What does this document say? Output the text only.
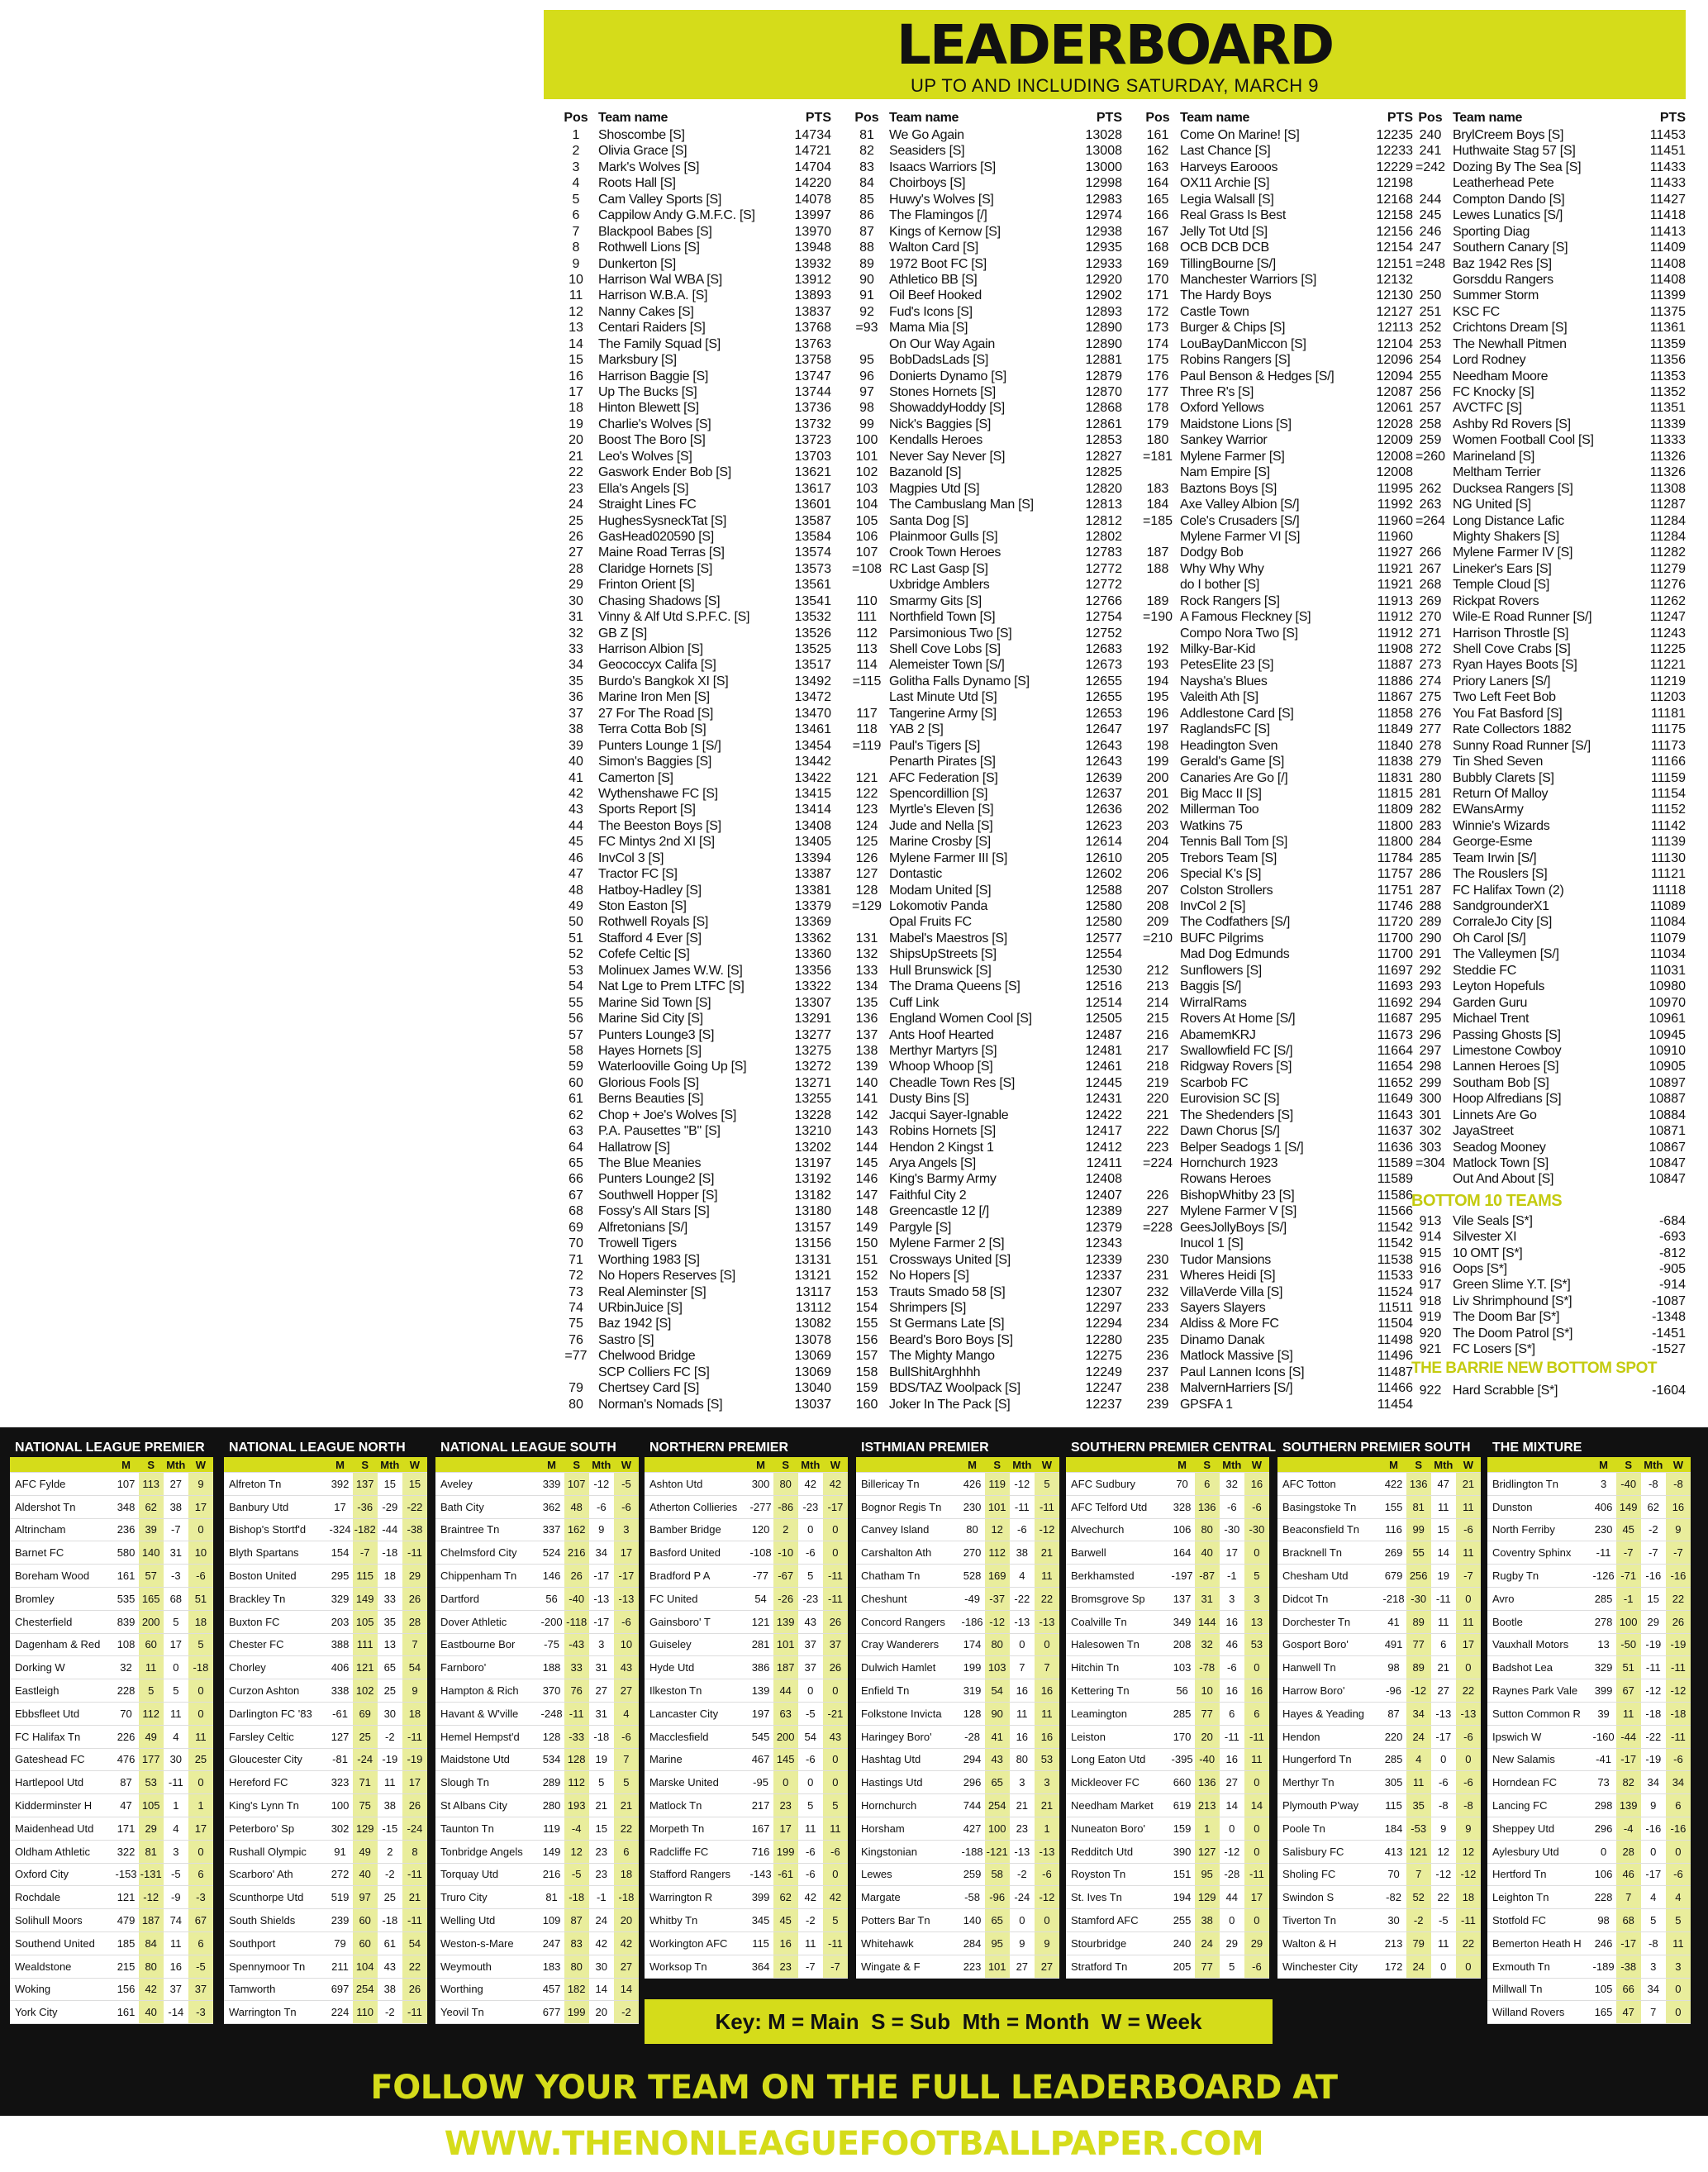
LEADERBOARD
UP TO AND INCLUDING SATURDAY, MARCH 9
Pos Team name	PTS
1	Shoscombe [S]	14734
2	Olivia Grace [S]	14721
3	Mark's Wolves [S]	14704
4	Roots Hall [S]	14220
5	Cam Valley Sports [S]	14078
6	Cappilow Andy G.M.F.C. [S]	13997
7	Blackpool Babes [S]	13970
8	Rothwell Lions [S]	13948
9	Dunkerton [S]	13932
10	Harrison Wal WBA [S]	13912
11	Harrison W.B.A. [S]	13893
12	Nanny Cakes [S]	13837
13	Centari Raiders [S]	13768
14	The Family Squad [S]	13763
15	Marksbury [S]	13758
16	Harrison Baggie [S]	13747
17	Up The Bucks [S]	13744
18	Hinton Blewett [S]	13736
19	Charlie's Wolves [S]	13732
20	Boost The Boro [S]	13723
21	Leo's Wolves [S]	13703
22	Gaswork Ender Bob [S]	13621
23	Ella's Angels [S]	13617
24	Straight Lines FC	13601
25	HughesSysneckTat [S]	13587
26	GasHead020590 [S]	13584
27	Maine Road Terras [S]	13574
28	Claridge Hornets [S]	13573
29	Frinton Orient [S]	13561
30	Chasing Shadows [S]	13541
31	Vinny & Alf Utd S.P.F.C. [S]	13532
32	GB Z [S]	13526
33	Harrison Albion [S]	13525
34	Geococcyx Califa [S]	13517
35	Burdo's Bangkok XI [S]	13492
36	Marine Iron Men [S]	13472
37	27 For The Road [S]	13470
38	Terra Cotta Bob [S]	13461
39	Punters Lounge 1 [S/]	13454
40	Simon's Baggies [S]	13442
41	Camerton [S]	13422
42	Wythenshawe FC [S]	13415
43	Sports Report [S]	13414
44	The Beeston Boys [S]	13408
45	FC Mintys 2nd XI [S]	13405
46	InvCol 3 [S]	13394
47	Tractor FC [S]	13387
48	Hatboy-Hadley [S]	13381
49	Ston Easton [S]	13379
50	Rothwell Royals [S]	13369
51	Stafford 4 Ever [S]	13362
52	Cofefe Celtic [S]	13360
53	Molinuex James W.W. [S]	13356
54	Nat Lge to Prem LTFC [S]	13322
55	Marine Sid Town [S]	13307
56	Marine Sid City [S]	13291
57	Punters Lounge3 [S]	13277
58	Hayes Hornets [S]	13275
59	Waterlooville Going Up [S]	13272
60	Glorious Fools [S]	13271
61	Berns Beauties [S]	13255
62	Chop + Joe's Wolves [S]	13228
63	P.A. Pausettes "B" [S]	13210
64	Hallatrow [S]	13202
65	The Blue Meanies	13197
66	Punters Lounge2 [S]	13192
67	Southwell Hopper [S]	13182
68	Fossy's All Stars [S]	13180
69	Alfretonians [S/]	13157
70	Trowell Tigers	13156
71	Worthing 1983 [S]	13131
72	No Hopers Reserves [S]	13121
73	Real Aleminster [S]	13117
74	URbinJuice [S]	13112
75	Baz 1942 [S]	13082
76	Sastro [S]	13078
=77 Chelwood Bridge	13069
SCP Colliers FC [S]	13069
79	Chertsey Card [S]	13040
80	Norman's Nomads [S]	13037
Pos Team name	PTS
81	We Go Again	13028
82	Seasiders [S]	13008
83	Isaacs Warriors [S]	13000
84	Choirboys [S]	12998
85	Huwy's Wolves [S]	12983
86	The Flamingos [/]	12974
87	Kings of Kernow [S]	12938
88	Walton Card [S]	12935
89	1972 Boot FC [S]	12933
90	Athletico BB [S]	12920
91	Oil Beef Hooked	12902
92	Fud's Icons [S]	12893
=93 Mama Mia [S]	12890
On Our Way Again	12890
95	BobDadsLads [S]	12881
96	Donierts Dynamo [S]	12879
97	Stones Hornets [S]	12870
98	ShowaddyHoddy [S]	12868
99	Nick's Baggies [S]	12861
100 Kendalls Heroes	12853
101 Never Say Never [S]	12827
102 Bazanold [S]	12825
103 Magpies Utd [S]	12820
104 The Cambuslang Man [S]	12813
105 Santa Dog [S]	12812
106 Plainmoor Gulls [S]	12802
107 Crook Town Heroes	12783
=108 RC Last Gasp [S]	12772
Uxbridge Amblers	12772
110 Smarmy Gits [S]	12766
111 Northfield Town [S]	12754
112 Parsimonious Two [S]	12752
113 Shell Cove Lobs [S]	12683
114 Alemeister Town [S/]	12673
=115 Golitha Falls Dynamo [S]	12655
Last Minute Utd [S]	12655
117 Tangerine Army [S]	12653
118 YAB 2 [S]	12647
=119 Paul's Tigers [S]	12643
Penarth Pirates [S]	12643
121 AFC Federation [S]	12639
122 Spencordillion [S]	12637
123 Myrtle's Eleven [S]	12636
124 Jude and Nella [S]	12623
125 Marine Crosby [S]	12614
126 Mylene Farmer III [S]	12610
127 Dontastic	12602
128 Modam United [S]	12588
=129 Lokomotiv Panda	12580
Opal Fruits FC	12580
131 Mabel's Maestros [S]	12577
132 ShipsUpStreets [S]	12554
133 Hull Brunswick [S]	12530
134 The Drama Queens [S]	12516
135 Cuff Link	12514
136 England Women Cool [S]	12505
137 Ants Hoof Hearted	12487
138 Merthyr Martyrs [S]	12481
139 Whoop Whoop [S]	12461
140 Cheadle Town Res [S]	12445
141 Dusty Bins [S]	12431
142 Jacqui Sayer-Ignable	12422
143 Robins Hornets [S]	12417
144 Hendon 2 Kingst 1	12412
145 Arya Angels [S]	12411
146 King's Barmy Army	12408
147 Faithful City 2	12407
148 Greencastle 12 [/]	12389
149 Pargyle [S]	12379
150 Mylene Farmer 2 [S]	12343
151 Crossways United [S]	12339
152 No Hopers [S]	12337
153 Trauts Smado 58 [S]	12307
154 Shrimpers [S]	12297
155 St Germans Late [S]	12294
156 Beard's Boro Boys [S]	12280
157 The Mighty Mango	12275
158 BullShitArghhhh	12249
159 BDS/TAZ Woolpack [S]	12247
160 Joker In The Pack [S]	12237
Pos Team name	PTS
161 Come On Marine! [S]	12235
162 Last Chance [S]	12233
163 Harveys Earooos	12229
164 OX11 Archie [S]	12198
165 Legia Walsall [S]	12168
166 Real Grass Is Best	12158
167 Jelly Tot Utd [S]	12156
168 OCB DCB DCB	12154
169 TillingBourne [S/]	12151
170 Manchester Warriors [S]	12132
171 The Hardy Boys	12130
172 Castle Town	12127
173 Burger & Chips [S]	12113
174 LouBayDanMiccon [S]	12104
175 Robins Rangers [S]	12096
176 Paul Benson & Hedges [S/]	12094
177 Three R's [S]	12087
178 Oxford Yellows	12061
179 Maidstone Lions [S]	12028
180 Sankey Warrior	12009
=181 Mylene Farmer [S]	12008
Nam Empire [S]	12008
183 Baztons Boys [S]	11995
184 Axe Valley Albion [S/]	11992
=185 Cole's Crusaders [S/]	11960
Mylene Farmer VI [S]	11960
187 Dodgy Bob	11927
188 Why Why Why	11921
do I bother [S]	11921
189 Rock Rangers [S]	11913
=190 A Famous Fleckney [S]	11912
Compo Nora Two [S]	11912
192 Milky-Bar-Kid	11908
193 PetesElite 23 [S]	11887
194 Naysha's Blues	11886
195 Valeith Ath [S]	11867
196 Addlestone Card [S]	11858
197 RaglandsFC [S]	11849
198 Headington Sven	11840
199 Gerald's Game [S]	11838
200 Canaries Are Go [/]	11831
201 Big Macc II [S]	11815
202 Millerman Too	11809
203 Watkins 75	11800
204 Tennis Ball Tom [S]	11800
205 Trebors Team [S]	11784
206 Special K's [S]	11757
207 Colston Strollers	11751
208 InvCol 2 [S]	11746
209 The Codfathers [S/]	11720
=210 BUFC Pilgrims	11700
Mad Dog Edmunds	11700
212 Sunflowers [S]	11697
213 Baggis [S/]	11693
214 WirralRams	11692
215 Rovers At Home [S/]	11687
216 AbamemKRJ	11673
217 Swallowfield FC [S/]	11664
218 Ridgway Rovers [S]	11654
219 Scarbob FC	11652
220 Eurovision SC [S]	11649
221 The Shedenders [S]	11643
222 Dawn Chorus [S/]	11637
223 Belper Seadogs 1 [S/]	11636
=224 Hornchurch 1923	11589
Rowans Heroes	11589
226 BishopWhitby 23 [S]	11586
227 Mylene Farmer V [S]	11566
=228 GeesJollyBoys [S/]	11542
Inucol 1 [S]	11542
230 Tudor Mansions	11538
231 Wheres Heidi [S]	11533
232 VillaVerde Villa [S]	11524
233 Sayers Slayers	11511
234 Aldiss & More FC	11504
235 Dinamo Danak	11498
236 Matlock Massive [S]	11496
237 Paul Lannen Icons [S]	11487
238 MalvernHarriers [S/]	11466
239 GPSFA 1	11454
Pos Team name	PTS
240 BrylCreem Boys [S]	11453
241 Huthwaite Stag 57 [S]	11451
=242 Dozing By The Sea [S]	11433
Leatherhead Pete	11433
244 Compton Dando [S]	11427
245 Lewes Lunatics [S/]	11418
246 Sporting Diag	11413
247 Southern Canary [S]	11409
=248 Baz 1942 Res [S]	11408
Gorsddu Rangers	11408
250 Summer Storm	11399
251 KSC FC	11375
252 Crichtons Dream [S]	11361
253 The Newhall Pitmen	11359
254 Lord Rodney	11356
255 Needham Moore	11353
256 FC Knocky [S]	11352
257 AVCTFC [S]	11351
258 Ashby Rd Rovers [S]	11339
259 Women Football Cool [S]	11333
=260 Marineland [S]	11326
Meltham Terrier	11326
262 Ducksea Rangers [S]	11308
263 NG United [S]	11287
=264 Long Distance Lafic	11284
Mighty Shakers [S]	11284
266 Mylene Farmer IV [S]	11282
267 Lineker's Ears [S]	11279
268 Temple Cloud [S]	11276
269 Rickpat Rovers	11262
270 Wile-E Road Runner [S/]	11247
271 Harrison Throstle [S]	11243
272 Shell Cove Crabs [S]	11225
273 Ryan Hayes Boots [S]	11221
274 Priory Laners [S/]	11219
275 Two Left Feet Bob	11203
276 You Fat Basford [S]	11181
277 Rate Collectors 1882	11175
278 Sunny Road Runner [S/]	11173
279 Tin Shed Seven	11166
280 Bubbly Clarets [S]	11159
281 Return Of Malloy	11154
282 EWansArmy	11152
283 Winnie's Wizards	11142
284 George-Esme	11139
285 Team Irwin [S/]	11130
286 The Rouslers [S]	11121
287 FC Halifax Town (2)	11118
288 SandgrounderX1	11089
289 CorraleJo City [S]	11084
290 Oh Carol [S/]	11079
291 The Valleymen [S/]	11034
292 Steddie FC	11031
293 Leyton Hopefuls	10980
294 Garden Guru	10970
295 Michael Trent	10961
296 Passing Ghosts [S]	10945
297 Limestone Cowboy	10910
298 Lannen Heroes [S]	10905
299 Southam Bob [S]	10897
300 Hoop Alfredians [S]	10887
301 Linnets Are Go	10884
302 JayaStreet	10871
303 Seadog Mooney	10867
=304 Matlock Town [S]	10847
Out And About [S]	10847
BOTTOM 10 TEAMS
913 Vile Seals [S*]	-684
914 Silvester XI	-693
915 10 OMT [S*]	-812
916 Oops [S*]	-905
917 Green Slime Y.T. [S*]	-914
918 Liv Shrimphound [S*]	-1087
919 The Doom Bar [S*]	-1348
920 The Doom Patrol [S*]	-1451
921 FC Losers [S*]	-1527
THE BARRIE NEW BOTTOM SPOT
922 Hard Scrabble [S*]	-1604
NATIONAL LEAGUE PREMIER
	M	S	Mth	W
AFC Fylde	107	113	27	9
Aldershot Tn	348	62	38	17
Altrincham	236	39	-7	0
Barnet FC	580	140	31	10
Boreham Wood	161	57	-3	-6
Bromley	535	165	68	51
Chesterfield	839	200	5	18
Dagenham & Red	108	60	17	5
Dorking W	32	11	0	-18
Eastleigh	228	5	5	0
Ebbsfleet Utd	70	112	11	0
FC Halifax Tn	226	49	4	11
Gateshead FC	476	177	30	25
Hartlepool Utd	87	53	-11	0
Kidderminster H	47	105	1	1
Maidenhead Utd	171	29	4	17
Oldham Athletic	322	81	3	0
Oxford City	-153	-131	-5	6
Rochdale	121	-12	-9	-3
Solihull Moors	479	187	74	67
Southend United	185	84	11	6
Wealdstone	215	80	16	-5
Woking	156	42	37	37
York City	161	40	-14	-3
NATIONAL LEAGUE NORTH
	M	S	Mth	W
Alfreton Tn	392	137	15	15
Banbury Utd	17	-36	-29	-22
Bishop's Stortf'd	-324	-182	-44	-38
Blyth Spartans	154	-7	-18	-11
Boston United	295	115	18	29
Brackley Tn	329	149	33	26
Buxton FC	203	105	35	28
Chester FC	388	111	13	7
Chorley	406	121	65	54
Curzon Ashton	338	102	25	9
Darlington FC '83	-61	69	30	18
Farsley Celtic	127	25	-2	-11
Gloucester City	-81	-24	-19	-19
Hereford FC	323	71	11	17
King's Lynn Tn	100	75	38	26
Peterboro' Sp	302	129	-15	-24
Rushall Olympic	91	49	2	8
Scarboro' Ath	272	40	-2	-11
Scunthorpe Utd	519	97	25	21
South Shields	239	60	-18	-11
Southport	79	60	61	54
Spennymoor Tn	211	104	43	22
Tamworth	697	254	38	26
Warrington Tn	224	110	-2	-11
NATIONAL LEAGUE SOUTH
	M	S	Mth	W
Aveley	339	107	-12	-5
Bath City	362	48	-6	-6
Braintree Tn	337	162	9	3
Chelmsford City	524	216	34	17
Chippenham Tn	146	26	-17	-17
Dartford	56	-40	-13	-13
Dover Athletic	-200	-118	-17	-6
Eastbourne Bor	-75	-43	3	10
Farnboro'	188	33	31	43
Hampton & Rich	370	76	27	27
Havant & W'ville	-248	-11	31	4
Hemel Hempst'd	128	-33	-18	-6
Maidstone Utd	534	128	19	7
Slough Tn	289	112	5	5
St Albans City	280	193	21	21
Taunton Tn	119	-4	15	22
Tonbridge Angels	149	12	23	6
Torquay Utd	216	-5	23	18
Truro City	81	-18	-1	-18
Welling Utd	109	87	24	20
Weston-s-Mare	247	83	42	42
Weymouth	183	80	30	27
Worthing	457	182	14	14
Yeovil Tn	677	199	20	-2
NORTHERN PREMIER
	M	S	Mth	W
Ashton Utd	300	80	42	42
Atherton Collieries	-277	-86	-23	-17
Bamber Bridge	120	2	0	0
Basford United	-108	-10	-6	0
Bradford P A	-77	-67	5	-11
FC United	54	-26	-23	-11
Gainsboro' T	121	139	43	26
Guiseley	281	101	37	37
Hyde Utd	386	187	37	26
Ilkeston Tn	139	44	0	0
Lancaster City	197	63	-5	-21
Macclesfield	545	200	54	43
Marine	467	145	-6	0
Marske United	-95	0	0	0
Matlock Tn	217	23	5	5
Morpeth Tn	167	17	11	11
Radcliffe FC	716	199	-6	-6
Stafford Rangers	-143	-61	-6	0
Warrington R	399	62	42	42
Whitby Tn	345	45	-2	5
Workington AFC	115	16	11	-11
Worksop Tn	364	23	-7	-7
ISTHMIAN PREMIER
	M	S	Mth	W
Billericay Tn	426	119	-12	5
Bognor Regis Tn	230	101	-11	-11
Canvey Island	80	12	-6	-12
Carshalton Ath	270	112	38	21
Chatham Tn	528	169	4	11
Cheshunt	-49	-37	-22	22
Concord Rangers	-186	-12	-13	-13
Cray Wanderers	174	80	0	0
Dulwich Hamlet	199	103	7	7
Enfield Tn	319	54	16	16
Folkstone Invicta	128	90	11	11
Haringey Boro'	-28	41	16	16
Hashtag Utd	294	43	80	53
Hastings Utd	296	65	3	3
Hornchurch	744	254	21	21
Horsham	427	100	23	1
Kingstonian	-188	-121	-13	-13
Lewes	259	58	-2	-6
Margate	-58	-96	-24	-12
Potters Bar Tn	140	65	0	0
Whitehawk	284	95	9	9
Wingate & F	223	101	27	27
SOUTHERN PREMIER CENTRAL
	M	S	Mth	W
AFC Sudbury	70	6	32	16
AFC Telford Utd	328	136	-6	-6
Alvechurch	106	80	-30	-30
Barwell	164	40	17	0
Berkhamsted	-197	-87	-1	5
Bromsgrove Sp	137	31	3	3
Coalville Tn	349	144	16	13
Halesowen Tn	208	32	46	53
Hitchin Tn	103	-78	-6	0
Kettering Tn	56	10	16	16
Leamington	285	77	6	6
Leiston	170	20	-11	-11
Long Eaton Utd	-395	-40	16	11
Mickleover FC	660	136	27	0
Needham Market	619	213	14	14
Nuneaton Boro'	159	1	0	0
Redditch Utd	390	127	-12	0
Royston Tn	151	95	-28	-11
St. Ives Tn	194	129	44	17
Stamford AFC	255	38	0	0
Stourbridge	240	24	29	29
Stratford Tn	205	77	5	-6
SOUTHERN PREMIER SOUTH
	M	S	Mth	W
AFC Totton	422	136	47	21
Basingstoke Tn	155	81	11	11
Beaconsfield Tn	116	99	15	-6
Bracknell Tn	269	55	14	11
Chesham Utd	679	256	19	-7
Didcot Tn	-218	-30	-11	0
Dorchester Tn	41	89	11	11
Gosport Boro'	491	77	6	17
Hanwell Tn	98	89	21	0
Harrow Boro'	-96	-12	27	22
Hayes & Yeading	87	34	-13	-13
Hendon	220	24	-17	-6
Hungerford Tn	285	4	0	0
Merthyr Tn	305	11	-6	-6
Plymouth P'way	115	35	-8	-8
Poole Tn	184	-53	9	9
Salisbury FC	413	121	12	12
Sholing FC	70	7	-12	-12
Swindon S	-82	52	22	18
Tiverton Tn	30	-2	-5	-11
Walton & H	213	79	11	22
Winchester City	172	24	0	0
THE MIXTURE
	M	S	Mth	W
Bridlington Tn	3	-40	-8	-8
Dunston	406	149	62	16
North Ferriby	230	45	-2	9
Coventry Sphinx	-11	-7	-7	-7
Rugby Tn	-126	-71	-16	-16
Avro	285	-1	15	22
Bootle	278	100	29	26
Vauxhall Motors	13	-50	-19	-19
Badshot Lea	329	51	-11	-11
Raynes Park Vale	399	67	-12	-12
Sutton Common R	39	11	-18	-18
Ipswich W	-160	-44	-22	-11
New Salamis	-41	-17	-19	-6
Horndean FC	73	82	34	34
Lancing FC	298	139	9	6
Sheppey Utd	296	-4	-16	-16
Aylesbury Utd	0	28	0	0
Hertford Tn	106	46	-17	-6
Leighton Tn	228	7	4	4
Stotfold FC	98	68	5	5
Bemerton Heath H	246	-17	-8	11
Exmouth Tn	-189	-38	3	3
Millwall Tn	105	66	34	0
Willand Rovers	165	47	7	0
Key: M = Main  S = Sub  Mth = Month  W = Week
FOLLOW YOUR TEAM ON THE FULL LEADERBOARD AT WWW.THENONLEAGUEFOOTBALLPAPER.COM
